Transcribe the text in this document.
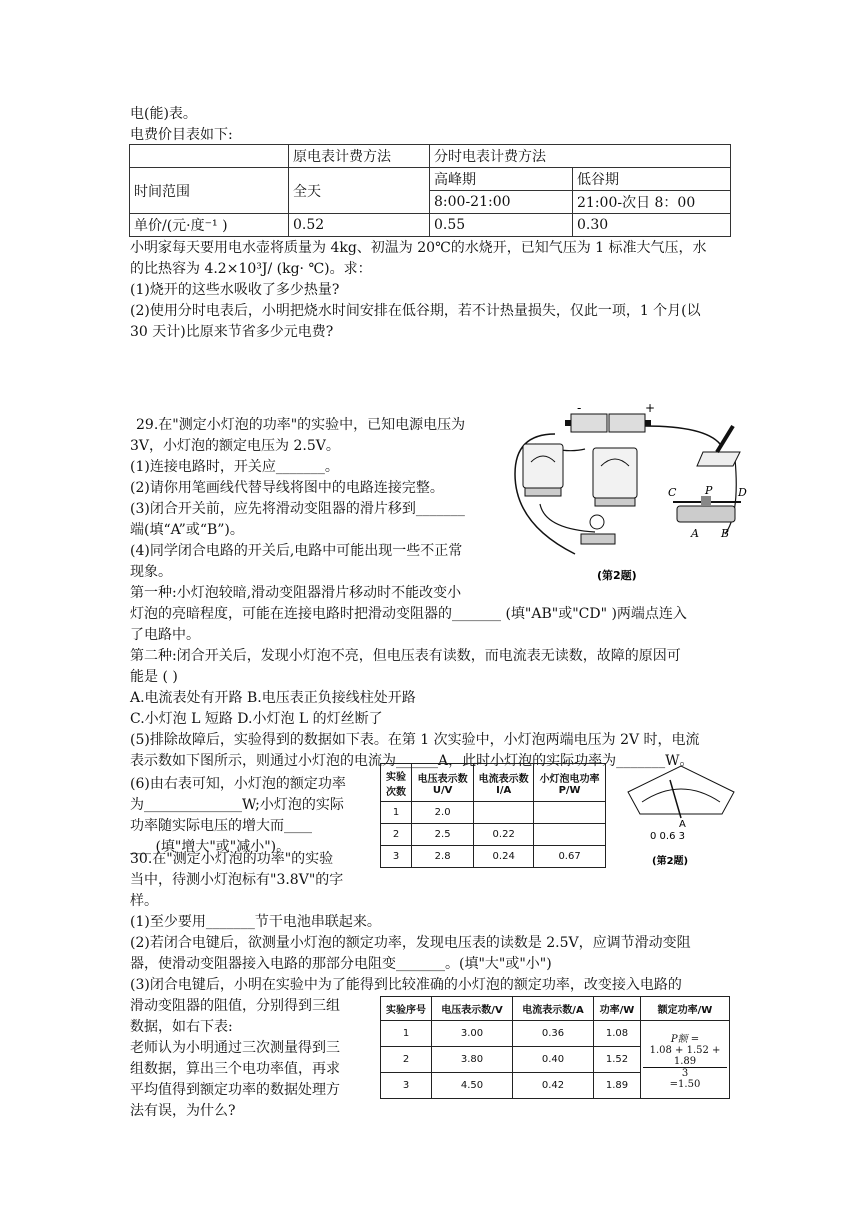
电(能)表。
电费价目表如下:
	原电表计费方法	分时电表计费方法	
时间范围	全天	高峰期	低谷期
		8:00-21:00	21:00-次日 8：00
单价/(元·度⁻¹ )	0.52	0.55	0.30
小明家每天要用电水壶将质量为 4kg、初温为 20℃的水烧开，已知气压为 1 标准大气压，水
的比热容为 4.2×10³J/ (kg· ℃)。求：
(1)烧开的这些水吸收了多少热量?
(2)使用分时电表后，小明把烧水时间安排在低谷期，若不计热量损失，仅此一项，1 个月(以
30 天计)比原来节省多少元电费?
29.在"测定小灯泡的功率"的实验中，已知电源电压为
3V，小灯泡的额定电压为 2.5V。
(1)连接电路时，开关应_______。
(2)请你用笔画线代替导线将图中的电路连接完整。
(3)闭合开关前，应先将滑动变阻器的滑片移到_______
端(填“A”或“B”)。
(4)同学闭合电路的开关后,电路中可能出现一些不正常
现象。
第一种:小灯泡较暗,滑动变阻器滑片移动时不能改变小
灯泡的亮暗程度，可能在连接电路时把滑动变阻器的_______ (填"AB"或"CD" )两端点连入
了电路中。
第二种:闭合开关后，发现小灯泡不亮，但电压表有读数，而电流表无读数，故障的原因可
能是 ( )
A.电流表处有开路 B.电压表正负接线柱处开路
C.小灯泡 L 短路 D.小灯泡 L 的灯丝断了
(5)排除故障后，实验得到的数据如下表。在第 1 次实验中，小灯泡两端电压为 2V 时，电流
表示数如下图所示，则通过小灯泡的电流为______A，此时小灯泡的实际功率为_______W。
(6)由右表可知，小灯泡的额定功率
为______________W;小灯泡的实际
功率随实际电压的增大而____
___ (填"增大"或"减小")。
-	+
C	P D
A B
(第2题)
实验次数	电压表示数 U/V	电流表示数 I/A	小灯泡电功率 P/W
1	2.0		
2	2.5	0.22	
3	2.8	0.24	0.67
A
0 0.6 3
(第2题)
30.在"测定小灯泡的功率"的实验
当中，待测小灯泡标有"3.8V"的字
样。
(1)至少要用_______节干电池串联起来。
(2)若闭合电键后，欲测量小灯泡的额定功率，发现电压表的读数是 2.5V，应调节滑动变阻
器，使滑动变阻器接入电路的那部分电阻变_______。(填"大"或"小")
(3)闭合电键后，小明在实验中为了能得到比较准确的小灯泡的额定功率，改变接入电路的
滑动变阻器的阻值，分别得到三组
数据，如右下表:
老师认为小明通过三次测量得到三
组数据，算出三个电功率值，再求
平均值得到额定功率的数据处理方
法有误，为什么?
实验序号	电压表示数/V	电流表示数/A	功率/W	额定功率/W
1	3.00	0.36	1.08	P额 =
$\frac{1.08 + 1.52 + 1.89}{3}$
=1.50
2	3.80	0.40	1.52	
3	4.50	0.42	1.89	
